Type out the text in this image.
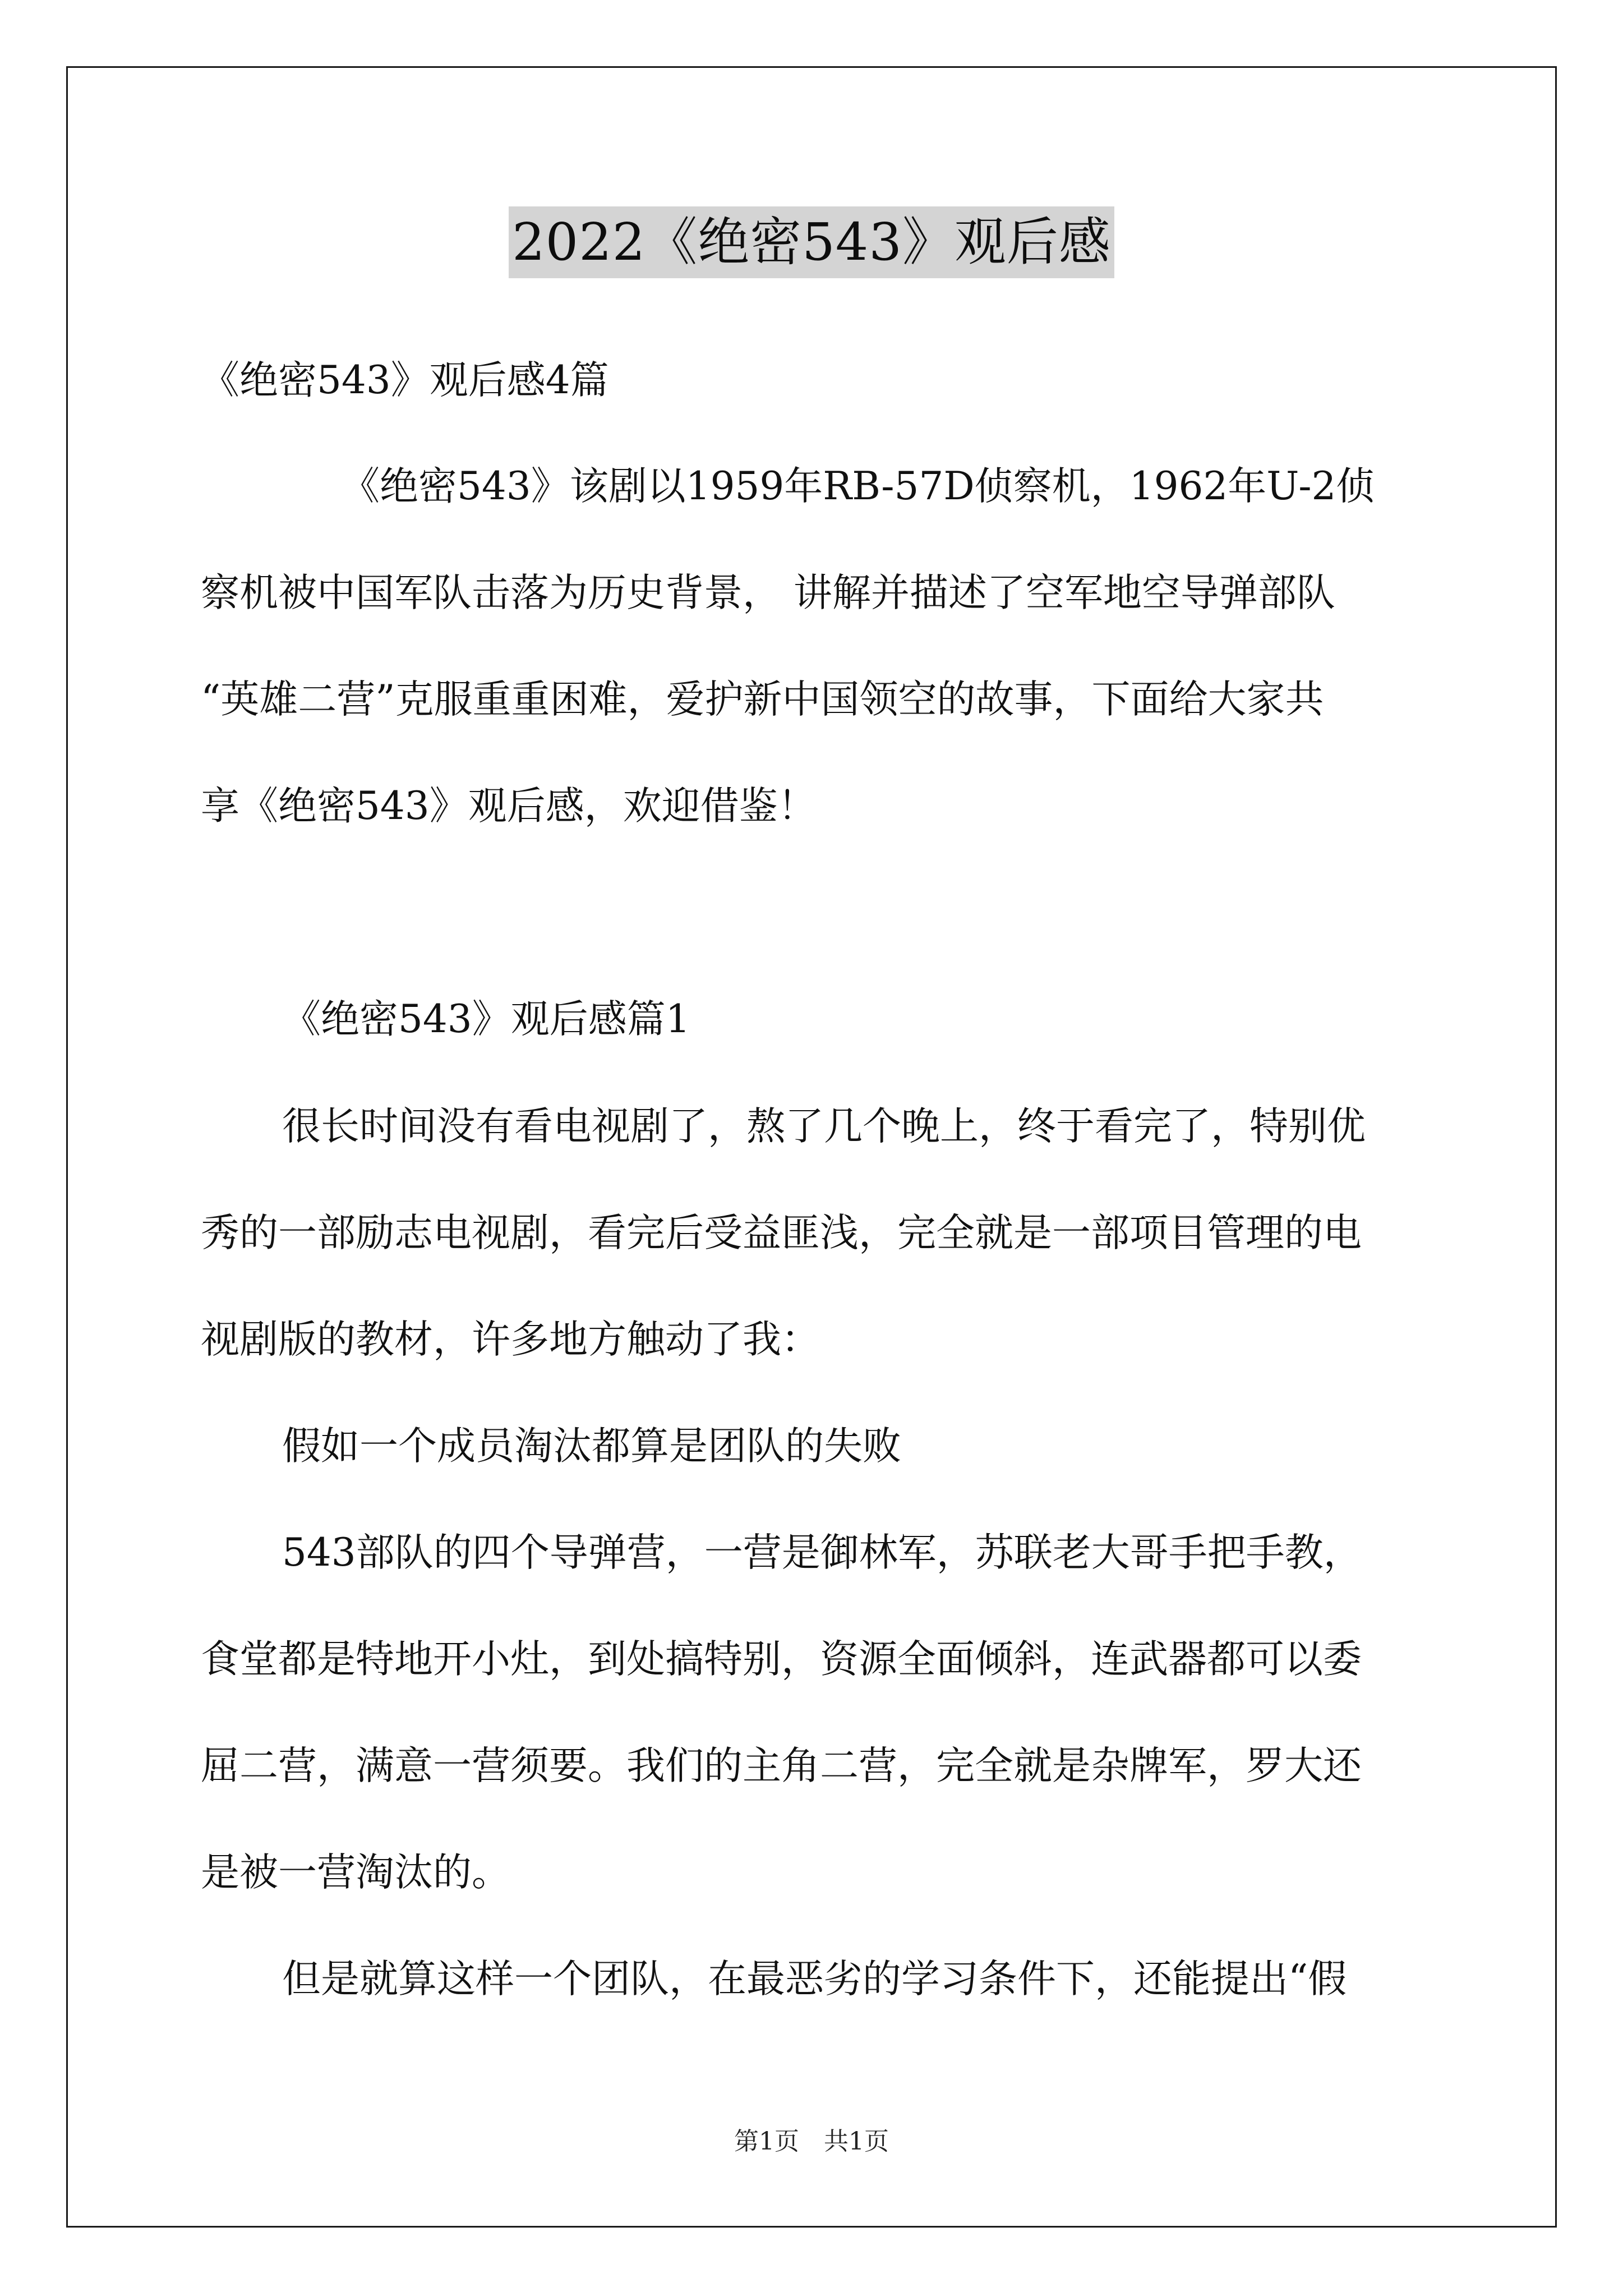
2022《绝密543》观后感

《绝密543》观后感4篇

《绝密543》该剧以1959年RB-57D侦察机，1962年U-2侦

察机被中国军队击落为历史背景， 讲解并描述了空军地空导弹部队

“英雄二营”克服重重困难，爱护新中国领空的故事，下面给大家共

享《绝密543》观后感，欢迎借鉴！

《绝密543》观后感篇1

很长时间没有看电视剧了，熬了几个晚上，终于看完了，特别优

秀的一部励志电视剧，看完后受益匪浅，完全就是一部项目管理的电

视剧版的教材，许多地方触动了我：

假如一个成员淘汰都算是团队的失败

543部队的四个导弹营，一营是御林军，苏联老大哥手把手教，

食堂都是特地开小灶，到处搞特别，资源全面倾斜，连武器都可以委

屈二营，满意一营须要。我们的主角二营，完全就是杂牌军，罗大还

是被一营淘汰的。

但是就算这样一个团队，在最恶劣的学习条件下，还能提出“假

第1页 共1页
